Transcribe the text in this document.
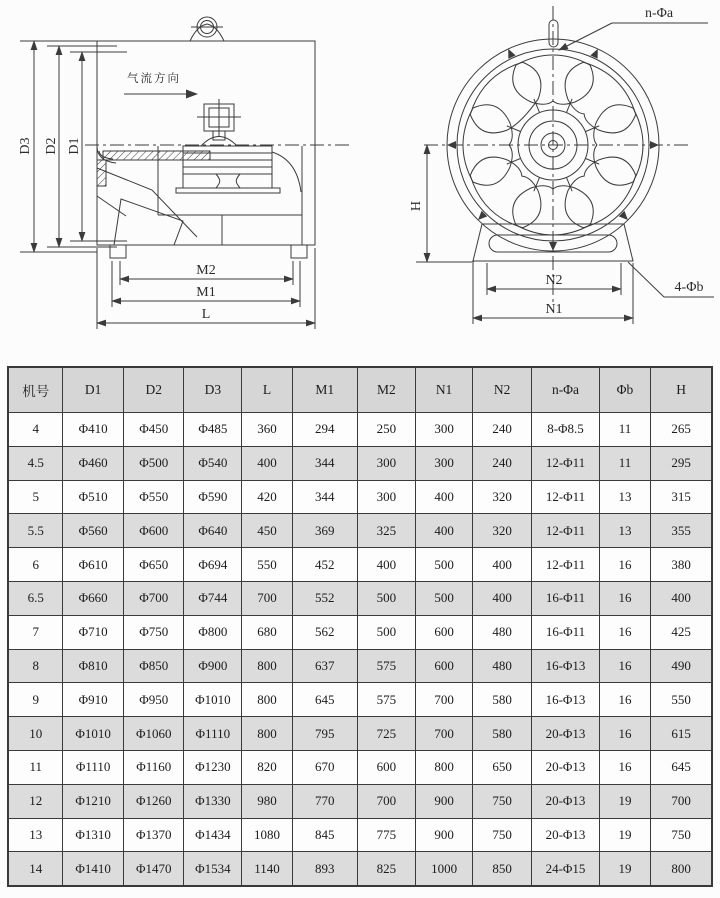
气流方向
D3 D2 D1
M2
M1
L
n-Φa
H
N2
N1
4-Φb
机号	D1	D2	D3	L	M1	M2	N1	N2	n-Φa	Φb	H
4	Φ410	Φ450	Φ485	360	294	250	300	240	8-Φ8.5	11	265
4.5	Φ460	Φ500	Φ540	400	344	300	300	240	12-Φ11	11	295
5	Φ510	Φ550	Φ590	420	344	300	400	320	12-Φ11	13	315
5.5	Φ560	Φ600	Φ640	450	369	325	400	320	12-Φ11	13	355
6	Φ610	Φ650	Φ694	550	452	400	500	400	12-Φ11	16	380
6.5	Φ660	Φ700	Φ744	700	552	500	500	400	16-Φ11	16	400
7	Φ710	Φ750	Φ800	680	562	500	600	480	16-Φ11	16	425
8	Φ810	Φ850	Φ900	800	637	575	600	480	16-Φ13	16	490
9	Φ910	Φ950	Φ1010	800	645	575	700	580	16-Φ13	16	550
10	Φ1010	Φ1060	Φ1110	800	795	725	700	580	20-Φ13	16	615
11	Φ1110	Φ1160	Φ1230	820	670	600	800	650	20-Φ13	16	645
12	Φ1210	Φ1260	Φ1330	980	770	700	900	750	20-Φ13	19	700
13	Φ1310	Φ1370	Φ1434	1080	845	775	900	750	20-Φ13	19	750
14	Φ1410	Φ1470	Φ1534	1140	893	825	1000	850	24-Φ15	19	800
